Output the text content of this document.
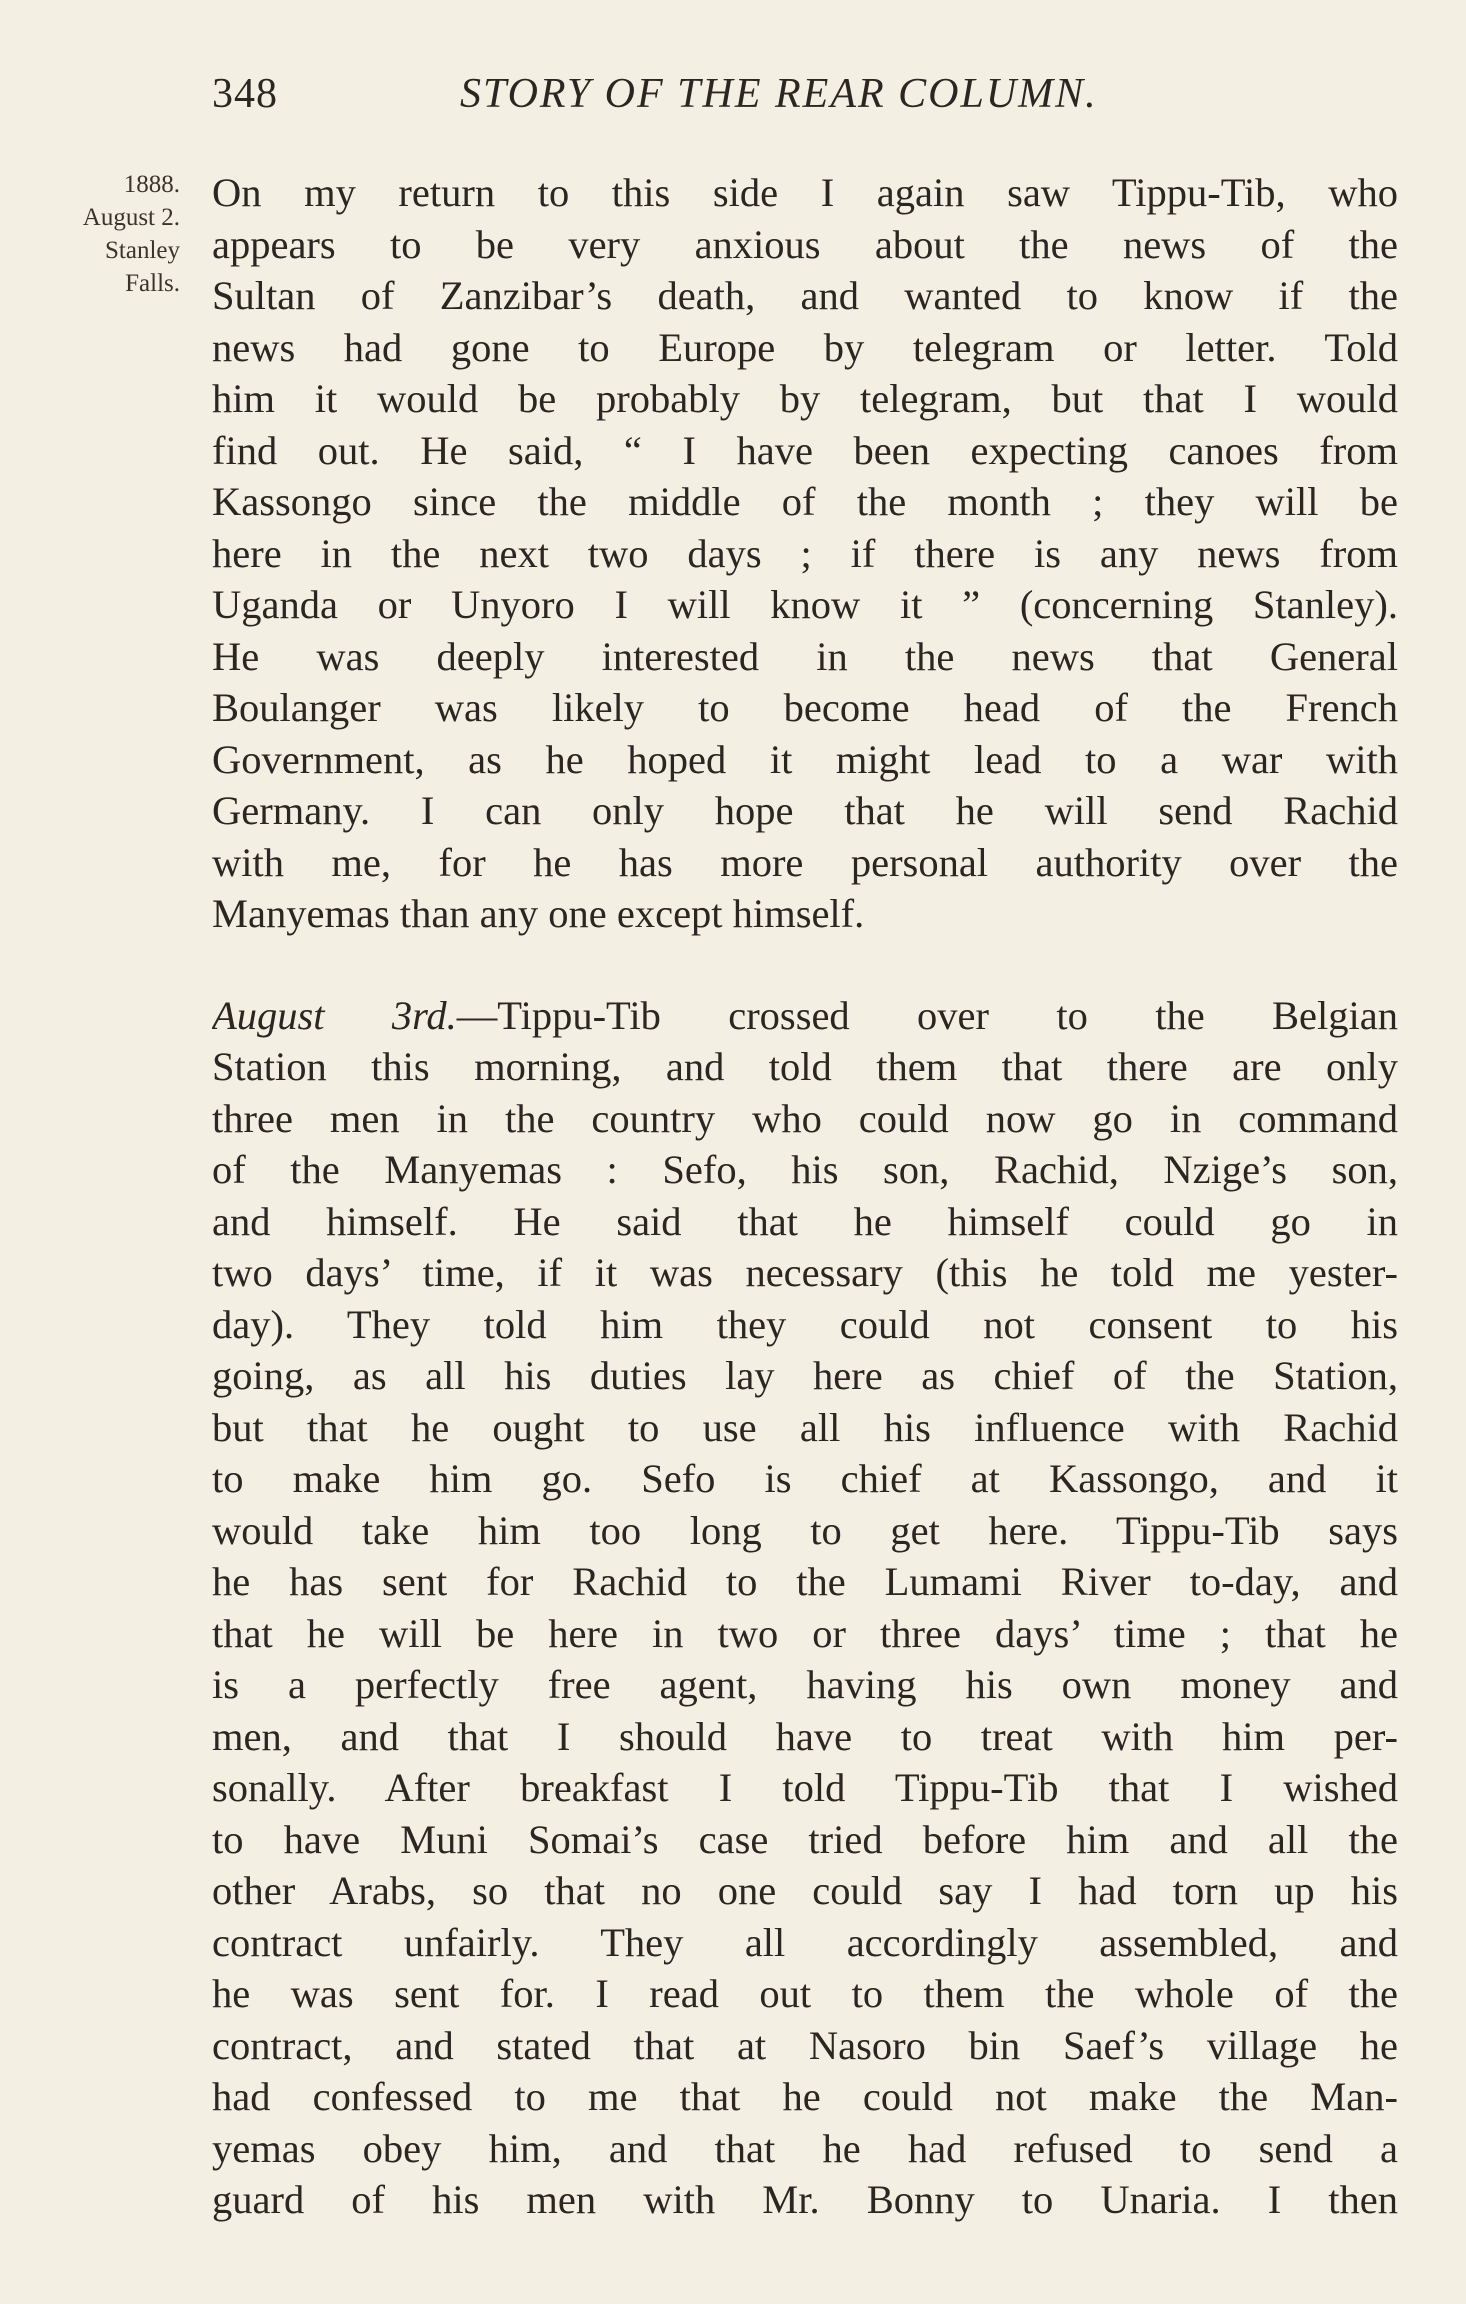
348	STORY OF THE REAR COLUMN.
1888.
August 2.
Stanley
Falls.
On my return to this side I again saw Tippu-Tib, who
appears to be very anxious about the news of the
Sultan of Zanzibar’s death, and wanted to know if the
news had gone to Europe by telegram or letter. Told
him it would be probably by telegram, but that I would
find out. He said, “ I have been expecting canoes from
Kassongo since the middle of the month ; they will be
here in the next two days ; if there is any news from
Uganda or Unyoro I will know it ” (concerning Stanley).
He was deeply interested in the news that General
Boulanger was likely to become head of the French
Government, as he hoped it might lead to a war with
Germany. I can only hope that he will send Rachid
with me, for he has more personal authority over the
Manyemas than any one except himself.
August 3rd.—Tippu-Tib crossed over to the Belgian
Station this morning, and told them that there are only
three men in the country who could now go in command
of the Manyemas : Sefo, his son, Rachid, Nzige’s son,
and himself. He said that he himself could go in
two days’ time, if it was necessary (this he told me yester-
day). They told him they could not consent to his
going, as all his duties lay here as chief of the Station,
but that he ought to use all his influence with Rachid
to make him go. Sefo is chief at Kassongo, and it
would take him too long to get here. Tippu-Tib says
he has sent for Rachid to the Lumami River to-day, and
that he will be here in two or three days’ time ; that he
is a perfectly free agent, having his own money and
men, and that I should have to treat with him per-
sonally. After breakfast I told Tippu-Tib that I wished
to have Muni Somai’s case tried before him and all the
other Arabs, so that no one could say I had torn up his
contract unfairly. They all accordingly assembled, and
he was sent for. I read out to them the whole of the
contract, and stated that at Nasoro bin Saef’s village he
had confessed to me that he could not make the Man-
yemas obey him, and that he had refused to send a
guard of his men with Mr. Bonny to Unaria. I then
